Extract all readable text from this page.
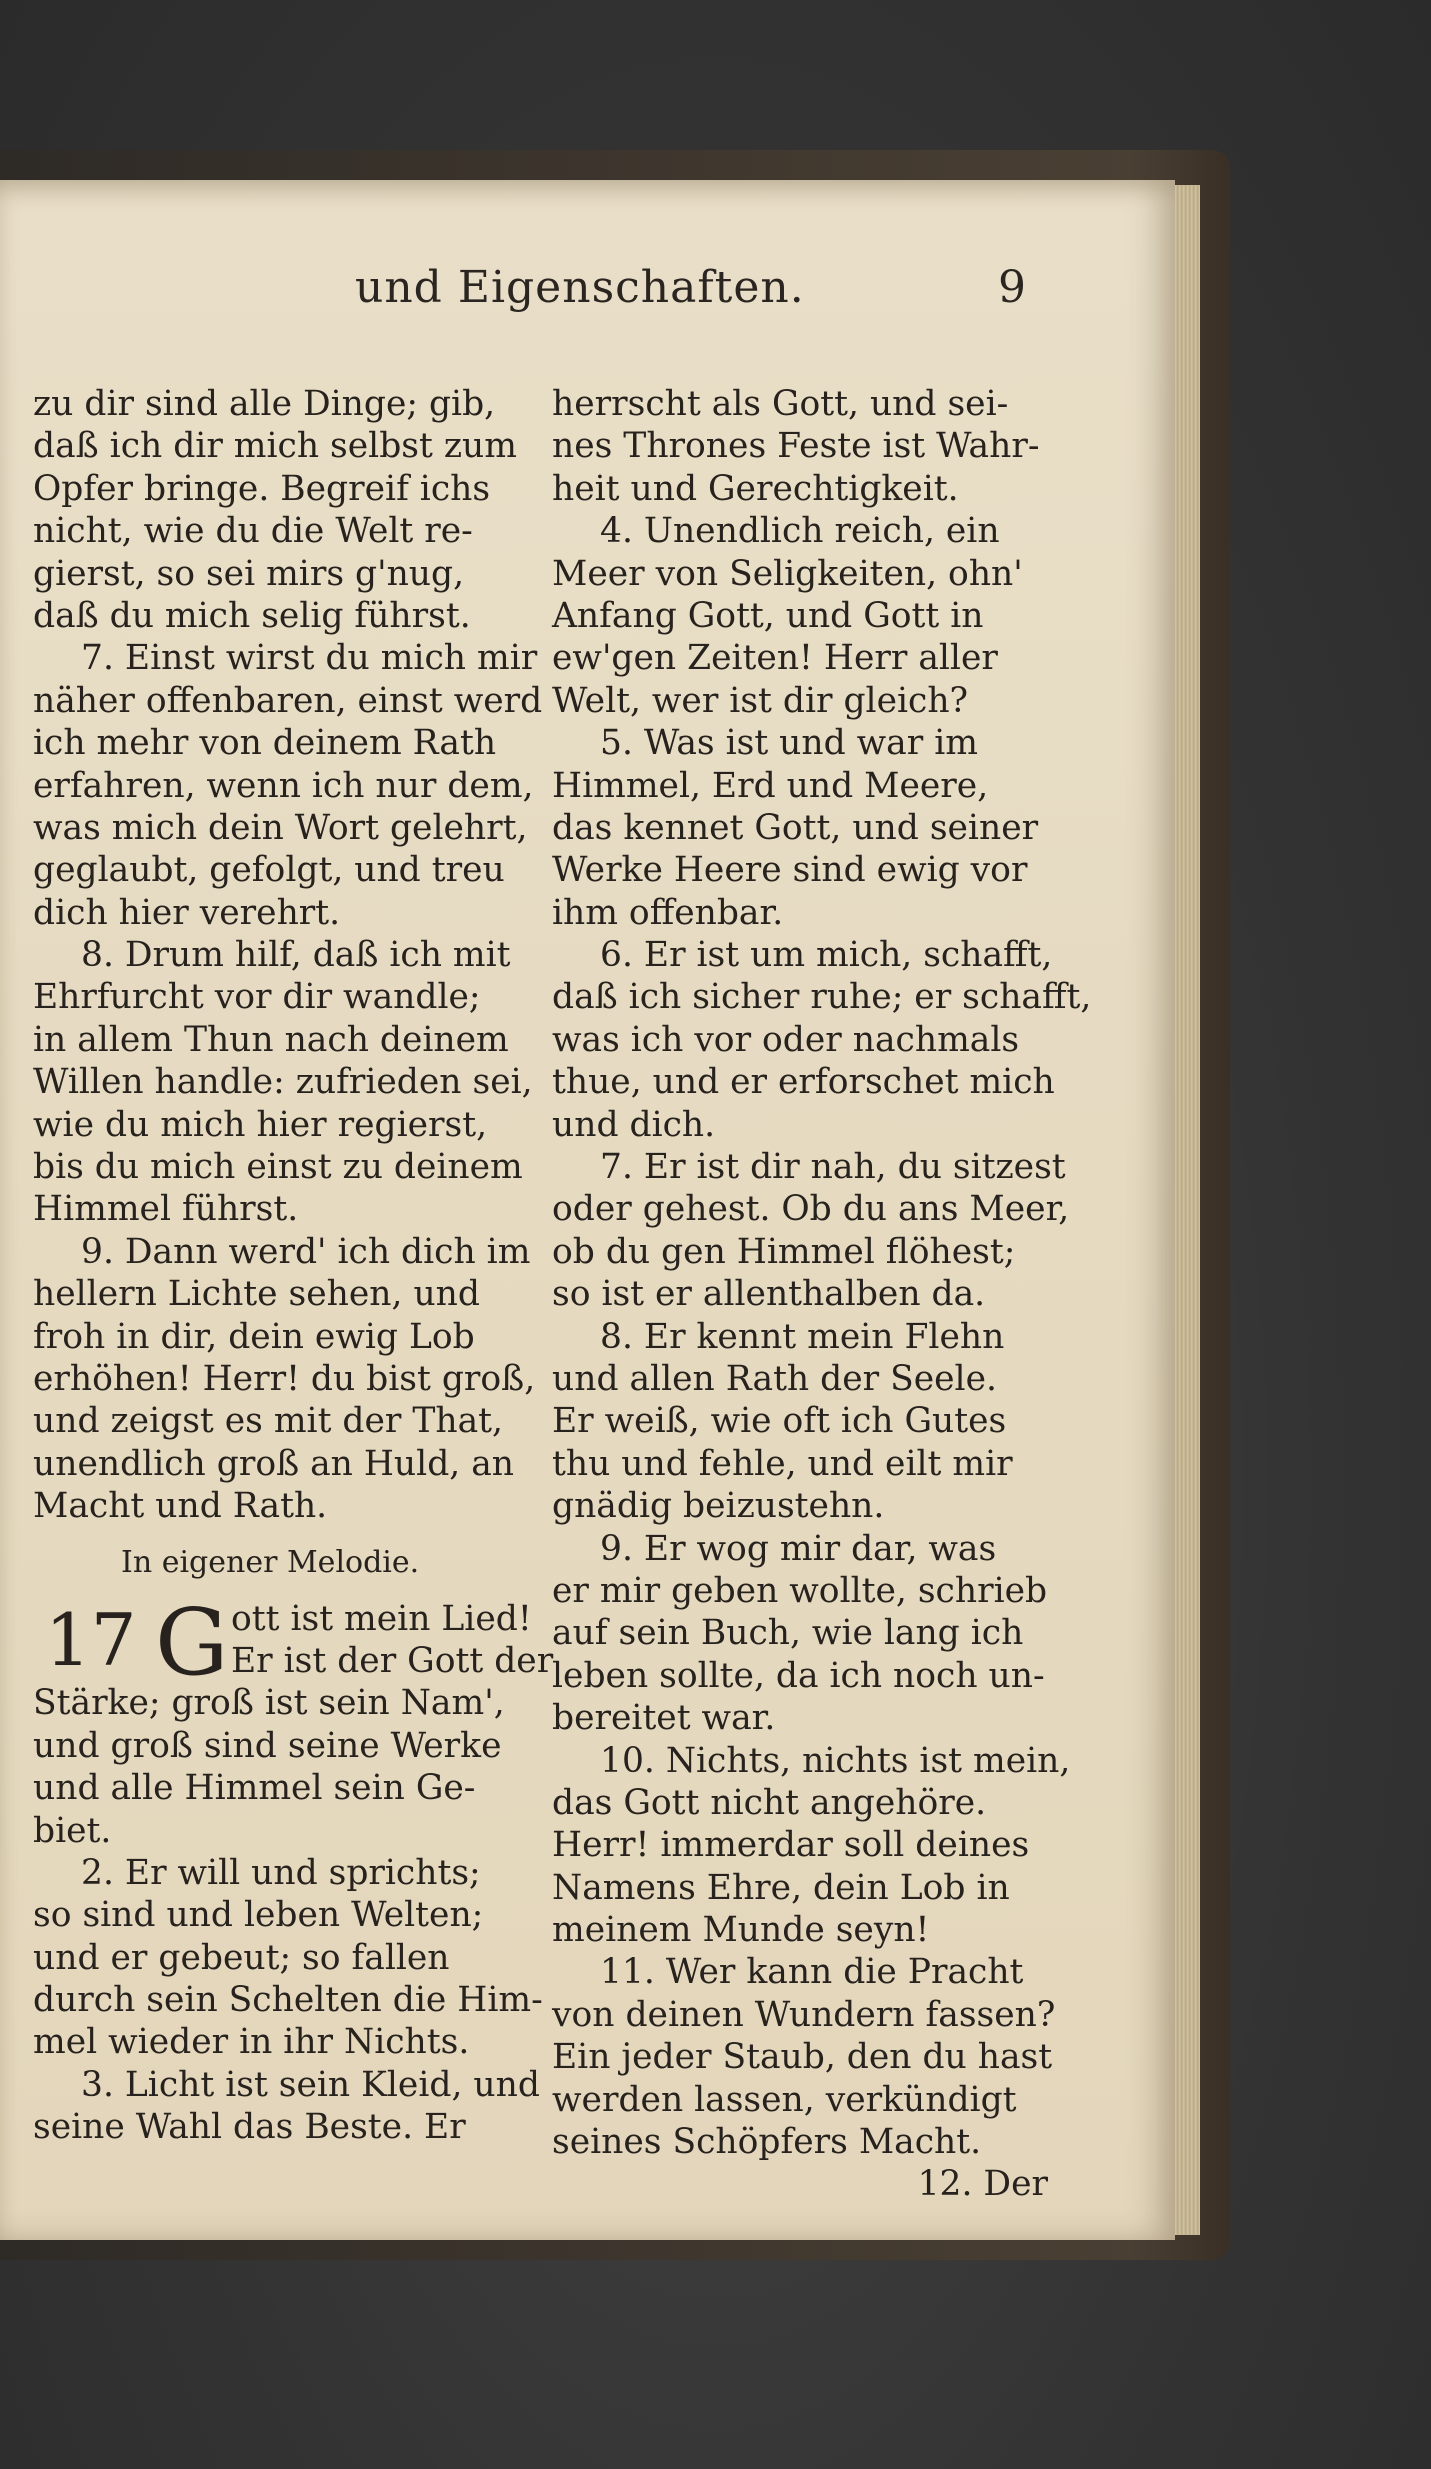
und Eigenschaften.	9
zu dir sind alle Dinge; gib,
daß ich dir mich selbst zum
Opfer bringe. Begreif ichs
nicht, wie du die Welt re-
gierst, so sei mirs g'nug,
daß du mich selig führst.
7. Einst wirst du mich mir
näher offenbaren, einst werd
ich mehr von deinem Rath
erfahren, wenn ich nur dem,
was mich dein Wort gelehrt,
geglaubt, gefolgt, und treu
dich hier verehrt.
8. Drum hilf, daß ich mit
Ehrfurcht vor dir wandle;
in allem Thun nach deinem
Willen handle: zufrieden sei,
wie du mich hier regierst,
bis du mich einst zu deinem
Himmel führst.
9. Dann werd' ich dich im
hellern Lichte sehen, und
froh in dir, dein ewig Lob
erhöhen! Herr! du bist groß,
und zeigst es mit der That,
unendlich groß an Huld, an
Macht und Rath.
In eigener Melodie.
17 G ott ist mein Lied!
Er ist der Gott der
Stärke; groß ist sein Nam',
und groß sind seine Werke
und alle Himmel sein Ge-
biet.
2. Er will und sprichts;
so sind und leben Welten;
und er gebeut; so fallen
durch sein Schelten die Him-
mel wieder in ihr Nichts.
3. Licht ist sein Kleid, und
seine Wahl das Beste. Er
herrscht als Gott, und sei-
nes Thrones Feste ist Wahr-
heit und Gerechtigkeit.
4. Unendlich reich, ein
Meer von Seligkeiten, ohn'
Anfang Gott, und Gott in
ew'gen Zeiten! Herr aller
Welt, wer ist dir gleich?
5. Was ist und war im
Himmel, Erd und Meere,
das kennet Gott, und seiner
Werke Heere sind ewig vor
ihm offenbar.
6. Er ist um mich, schafft,
daß ich sicher ruhe; er schafft,
was ich vor oder nachmals
thue, und er erforschet mich
und dich.
7. Er ist dir nah, du sitzest
oder gehest. Ob du ans Meer,
ob du gen Himmel flöhest;
so ist er allenthalben da.
8. Er kennt mein Flehn
und allen Rath der Seele.
Er weiß, wie oft ich Gutes
thu und fehle, und eilt mir
gnädig beizustehn.
9. Er wog mir dar, was
er mir geben wollte, schrieb
auf sein Buch, wie lang ich
leben sollte, da ich noch un-
bereitet war.
10. Nichts, nichts ist mein,
das Gott nicht angehöre.
Herr! immerdar soll deines
Namens Ehre, dein Lob in
meinem Munde seyn!
11. Wer kann die Pracht
von deinen Wundern fassen?
Ein jeder Staub, den du hast
werden lassen, verkündigt
seines Schöpfers Macht.
12. Der
